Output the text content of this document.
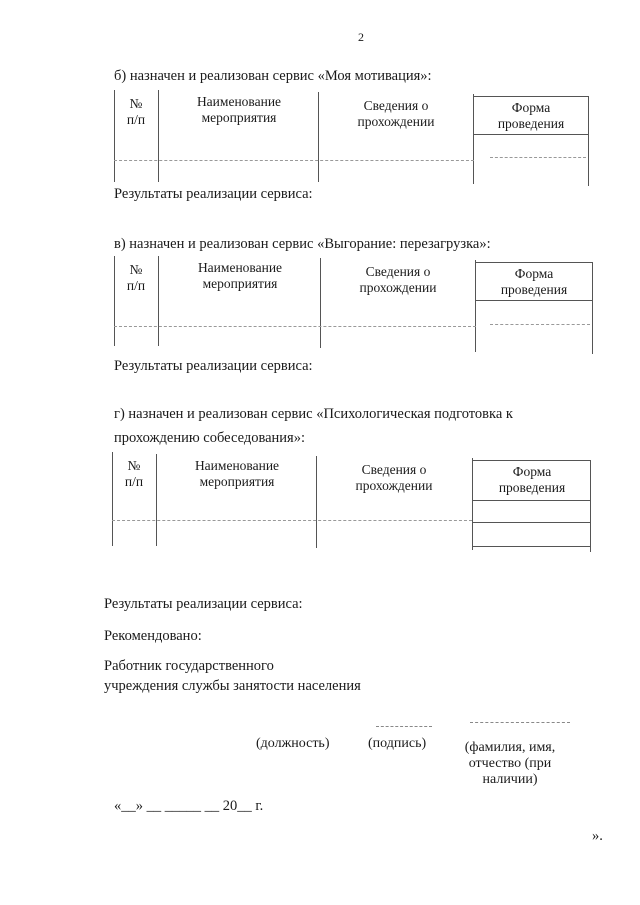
2
б) назначен и реализован сервис «Моя мотивация»:
№
п/п
Наименование
мероприятия
Сведения о
прохождении
Форма
проведения
Результаты реализации сервиса:
в) назначен и реализован сервис «Выгорание: перезагрузка»:
№
п/п
Наименование
мероприятия
Сведения о
прохождении
Форма
проведения
Результаты реализации сервиса:
г) назначен и реализован сервис «Психологическая подготовка к
прохождению собеседования»:
№
п/п
Наименование
мероприятия
Сведения о
прохождении
Форма
проведения
Результаты реализации сервиса:
Рекомендовано:
Работник государственного
учреждения службы занятости населения
(должность)	(подпись)	(фамилия, имя,
отчество (при
наличии)
«__» __ _____ __ 20__ г.
».
